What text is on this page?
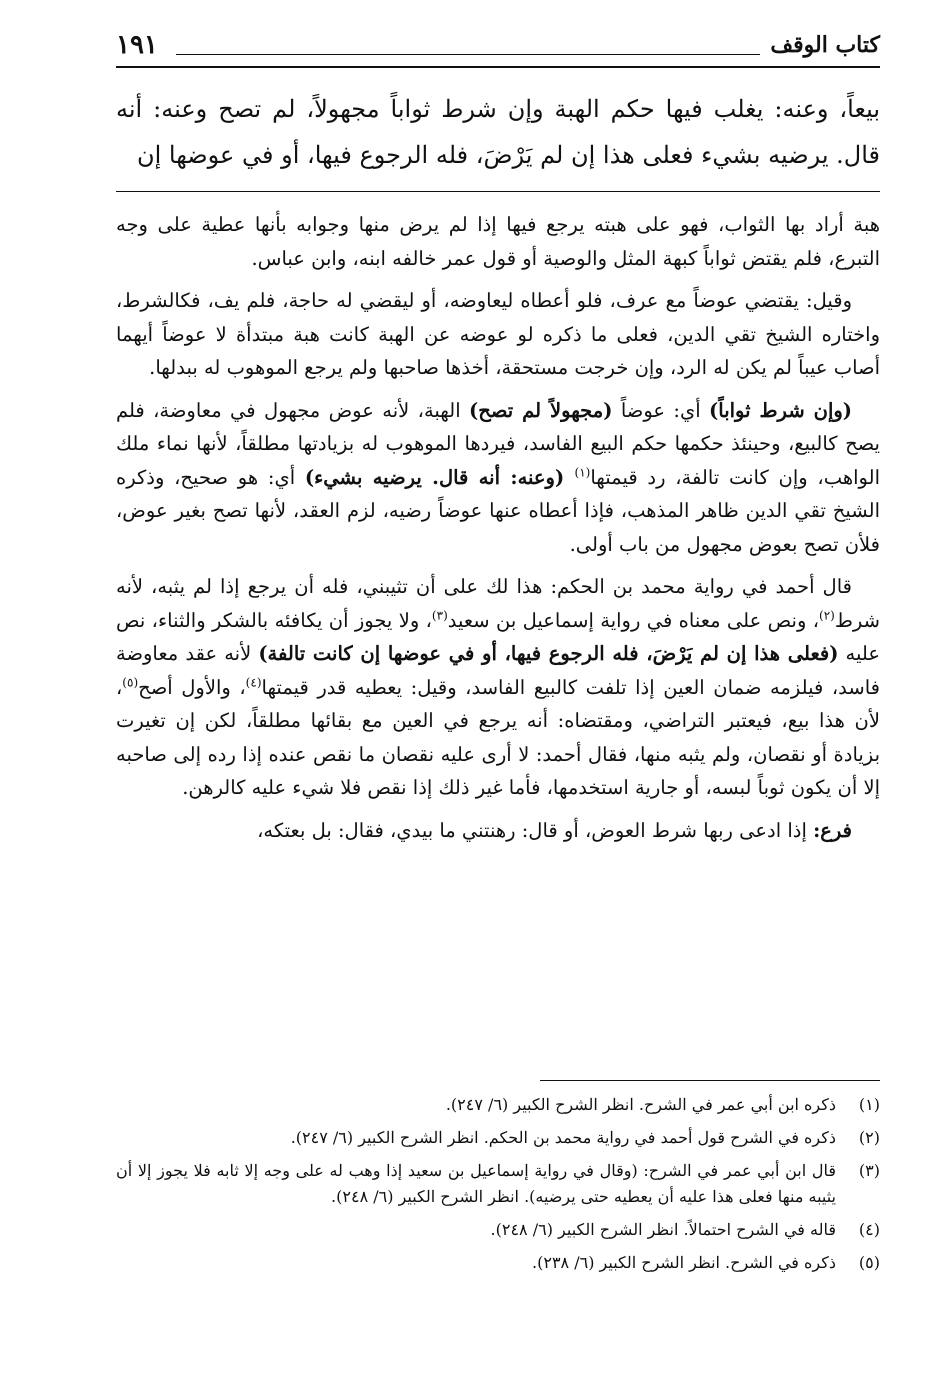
كتاب الوقف
١٩١

بيعاً، وعنه: يغلب فيها حكم الهبة وإن شرط ثواباً مجهولاً، لم تصح وعنه: أنه قال. يرضيه بشيء فعلى هذا إن لم يَرْضَ، فله الرجوع فيها، أو في عوضها إن

هبة أراد بها الثواب، فهو على هبته يرجع فيها إذا لم يرض منها وجوابه بأنها عطية على وجه التبرع، فلم يقتض ثواباً كبهة المثل والوصية أو قول عمر خالفه ابنه، وابن عباس.

وقيل: يقتضي عوضاً مع عرف، فلو أعطاه ليعاوضه، أو ليقضي له حاجة، فلم يف، فكالشرط، واختاره الشيخ تقي الدين، فعلى ما ذكره لو عوضه عن الهبة كانت هبة مبتدأة لا عوضاً أيهما أصاب عيباً لم يكن له الرد، وإن خرجت مستحقة، أخذها صاحبها ولم يرجع الموهوب له ببدلها.

(وإن شرط ثواباً) أي: عوضاً (مجهولاً لم تصح) الهبة، لأنه عوض مجهول في معاوضة، فلم يصح كالبيع، وحينئذ حكمها حكم البيع الفاسد، فيردها الموهوب له بزيادتها مطلقاً، لأنها نماء ملك الواهب، وإن كانت تالفة، رد قيمتها$^{(١)}$ (وعنه: أنه قال. يرضيه بشيء) أي: هو صحيح، وذكره الشيخ تقي الدين ظاهر المذهب، فإذا أعطاه عنها عوضاً رضيه، لزم العقد، لأنها تصح بغير عوض، فلأن تصح بعوض مجهول من باب أولى.

قال أحمد في رواية محمد بن الحكم: هذا لك على أن تثيبني، فله أن يرجع إذا لم يثبه، لأنه شرط$^{(٢)}$، ونص على معناه في رواية إسماعيل بن سعيد$^{(٣)}$، ولا يجوز أن يكافئه بالشكر والثناء، نص عليه (فعلى هذا إن لم يَرْضَ، فله الرجوع فيها، أو في عوضها إن كانت تالفة) لأنه عقد معاوضة فاسد، فيلزمه ضمان العين إذا تلفت كالبيع الفاسد، وقيل: يعطيه قدر قيمتها$^{(٤)}$، والأول أصح$^{(٥)}$، لأن هذا بيع، فيعتبر التراضي، ومقتضاه: أنه يرجع في العين مع بقائها مطلقاً، لكن إن تغيرت بزيادة أو نقصان، ولم يثبه منها، فقال أحمد: لا أرى عليه نقصان ما نقص عنده إذا رده إلى صاحبه إلا أن يكون ثوباً لبسه، أو جارية استخدمها، فأما غير ذلك إذا نقص فلا شيء عليه كالرهن.

فرع: إذا ادعى ربها شرط العوض، أو قال: رهنتني ما بيدي، فقال: بل بعتكه،

(١)
ذكره ابن أبي عمر في الشرح. انظر الشرح الكبير (٦/ ٢٤٧).
(٢)
ذكره في الشرح قول أحمد في رواية محمد بن الحكم. انظر الشرح الكبير (٦/ ٢٤٧).
(٣)
قال ابن أبي عمر في الشرح: (وقال في رواية إسماعيل بن سعيد إذا وهب له على وجه إلا ثابه فلا يجوز إلا أن يثيبه منها فعلى هذا عليه أن يعطيه حتى يرضيه). انظر الشرح الكبير (٦/ ٢٤٨).
(٤)
قاله في الشرح احتمالاً. انظر الشرح الكبير (٦/ ٢٤٨).
(٥)
ذكره في الشرح. انظر الشرح الكبير (٦/ ٢٣٨).
